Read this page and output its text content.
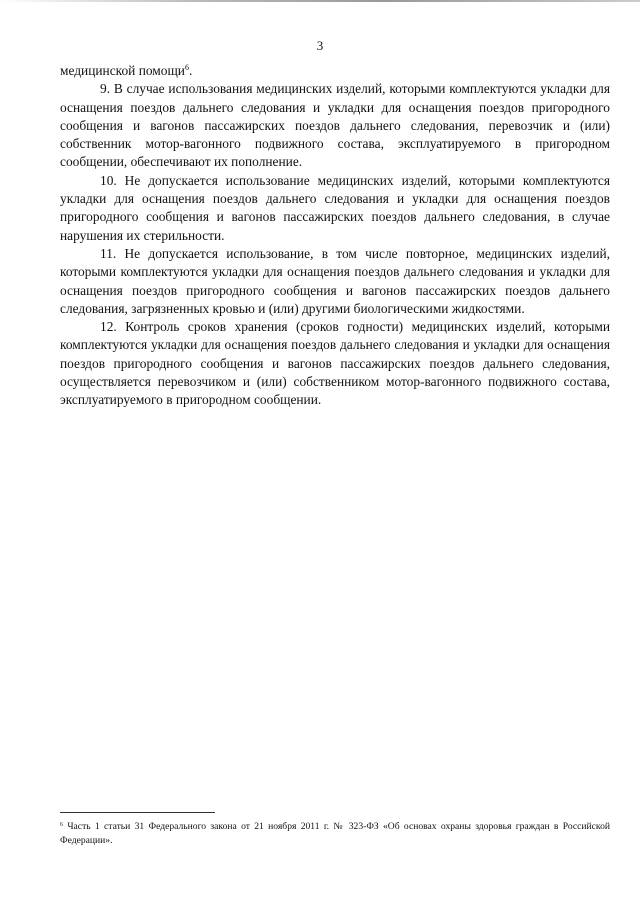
3

медицинской помощи$^6$.

9. В случае использования медицинских изделий, которыми комплектуются укладки для оснащения поездов дальнего следования и укладки для оснащения поездов пригородного сообщения и вагонов пассажирских поездов дальнего следования, перевозчик и (или) собственник мотор-вагонного подвижного состава, эксплуатируемого в пригородном сообщении, обеспечивают их пополнение.

10. Не допускается использование медицинских изделий, которыми комплектуются укладки для оснащения поездов дальнего следования и укладки для оснащения поездов пригородного сообщения и вагонов пассажирских поездов дальнего следования, в случае нарушения их стерильности.

11. Не допускается использование, в том числе повторное, медицинских изделий, которыми комплектуются укладки для оснащения поездов дальнего следования и укладки для оснащения поездов пригородного сообщения и вагонов пассажирских поездов дальнего следования, загрязненных кровью и (или) другими биологическими жидкостями.

12. Контроль сроков хранения (сроков годности) медицинских изделий, которыми комплектуются укладки для оснащения поездов дальнего следования и укладки для оснащения поездов пригородного сообщения и вагонов пассажирских поездов дальнего следования, осуществляется перевозчиком и (или) собственником мотор-вагонного подвижного состава, эксплуатируемого в пригородном сообщении.

$^6$ Часть 1 статьи 31 Федерального закона от 21 ноября 2011 г. № 323-ФЗ «Об основах охраны здоровья граждан в Российской Федерации».
